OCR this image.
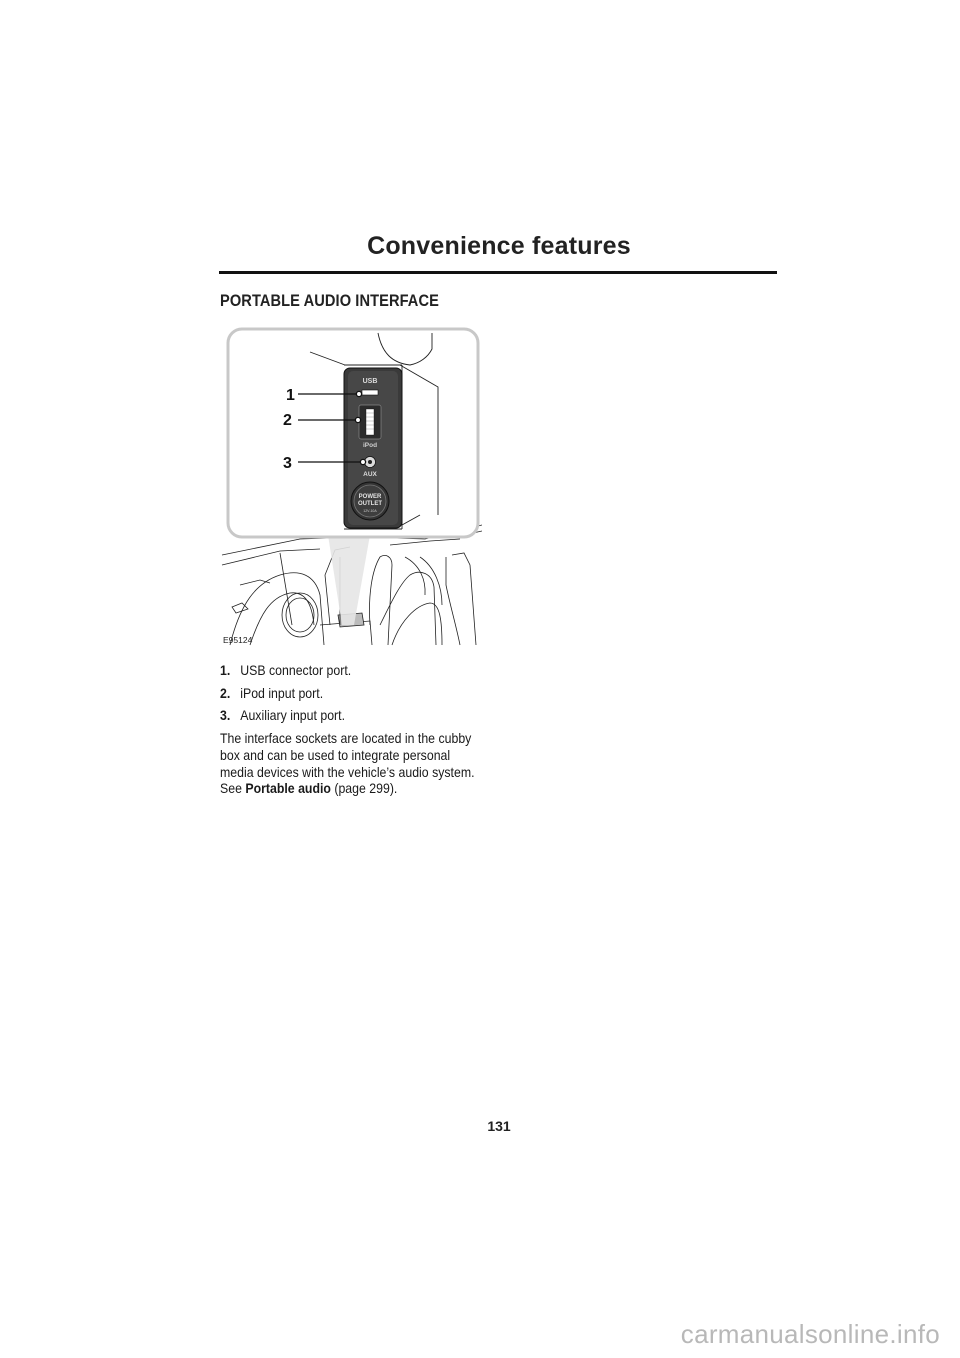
Convenience features
PORTABLE AUDIO INTERFACE
USB
iPod
AUX
POWER
OUTLET
12V-10A
1
2
3
E95124
1. USB connector port.
2. iPod input port.
3. Auxiliary input port.
The interface sockets are located in the cubby box and can be used to integrate personal media devices with the vehicle’s audio system. See Portable audio (page 299).
131
carmanualsonline.info
